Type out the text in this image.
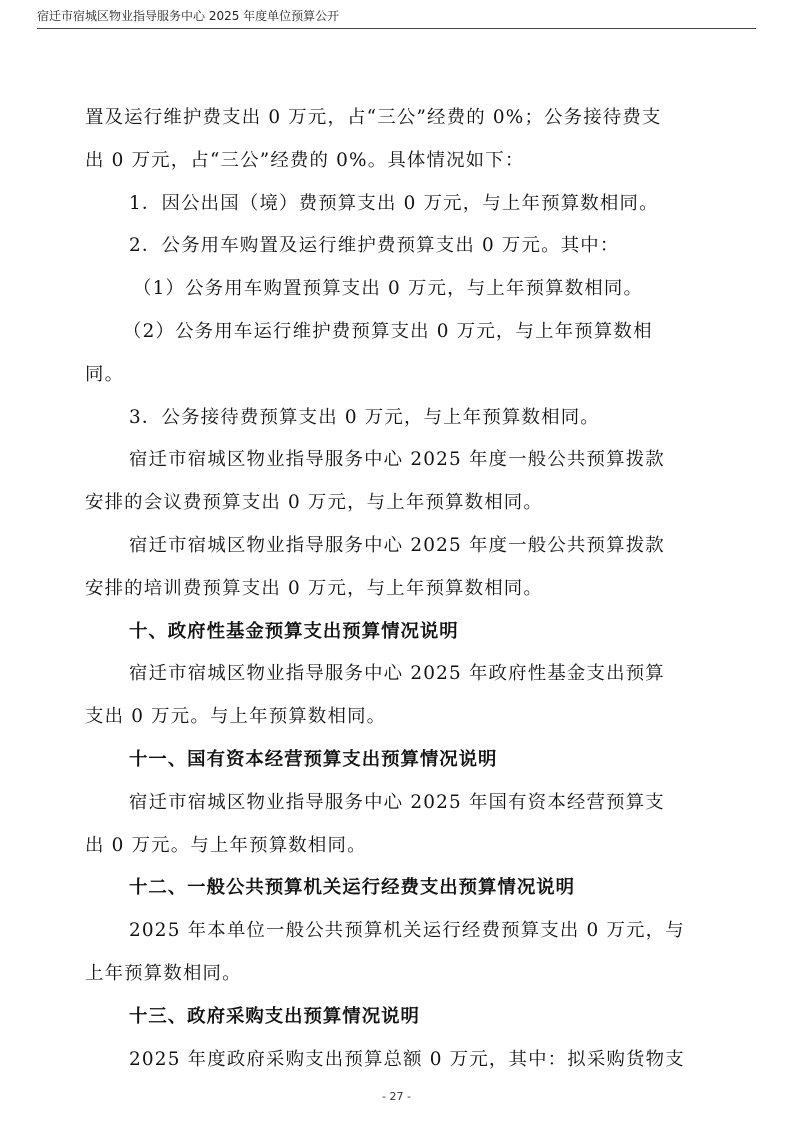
宿迁市宿城区物业指导服务中心 2025 年度单位预算公开
置及运行维护费支出 0 万元，占“三公”经费的 0%；公务接待费支
出 0 万元，占“三公”经费的 0%。具体情况如下：
1．因公出国（境）费预算支出 0 万元，与上年预算数相同。
2．公务用车购置及运行维护费预算支出 0 万元。其中：
（1）公务用车购置预算支出 0 万元，与上年预算数相同。
（2）公务用车运行维护费预算支出 0 万元，与上年预算数相
同。
3．公务接待费预算支出 0 万元，与上年预算数相同。
宿迁市宿城区物业指导服务中心 2025 年度一般公共预算拨款
安排的会议费预算支出 0 万元，与上年预算数相同。
宿迁市宿城区物业指导服务中心 2025 年度一般公共预算拨款
安排的培训费预算支出 0 万元，与上年预算数相同。
十、政府性基金预算支出预算情况说明
宿迁市宿城区物业指导服务中心 2025 年政府性基金支出预算
支出 0 万元。与上年预算数相同。
十一、国有资本经营预算支出预算情况说明
宿迁市宿城区物业指导服务中心 2025 年国有资本经营预算支
出 0 万元。与上年预算数相同。
十二、一般公共预算机关运行经费支出预算情况说明
2025 年本单位一般公共预算机关运行经费预算支出 0 万元，与
上年预算数相同。
十三、政府采购支出预算情况说明
2025 年度政府采购支出预算总额 0 万元，其中：拟采购货物支
- 27 -
